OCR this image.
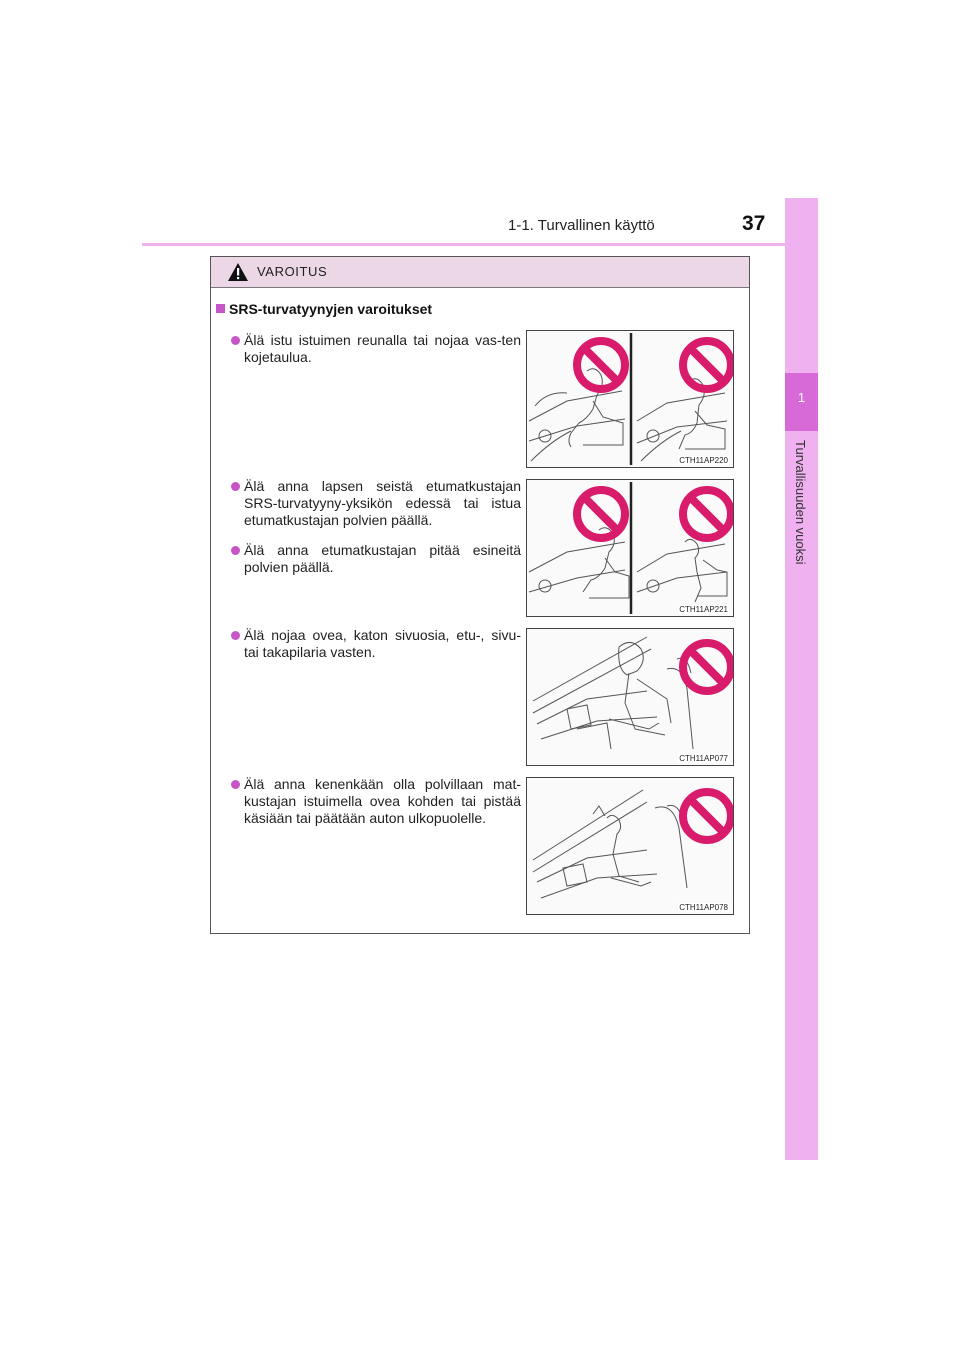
1
Turvallisuuden vuoksi
1-1. Turvallinen käyttö	37
VAROITUS
SRS-turvatyynyjen varoitukset
Älä istu istuimen reunalla tai nojaa vas-ten kojetaulua.
Älä anna lapsen seistä etumatkustajan SRS-turvatyyny-yksikön edessä tai istua etumatkustajan polvien päällä.
Älä anna etumatkustajan pitää esineitä polvien päällä.
Älä nojaa ovea, katon sivuosia, etu-, sivu- tai takapilaria vasten.
Älä anna kenenkään olla polvillaan mat-kustajan istuimella ovea kohden tai pistää käsiään tai päätään auton ulkopuolelle.
CTH11AP220
CTH11AP221
CTH11AP077
CTH11AP078
